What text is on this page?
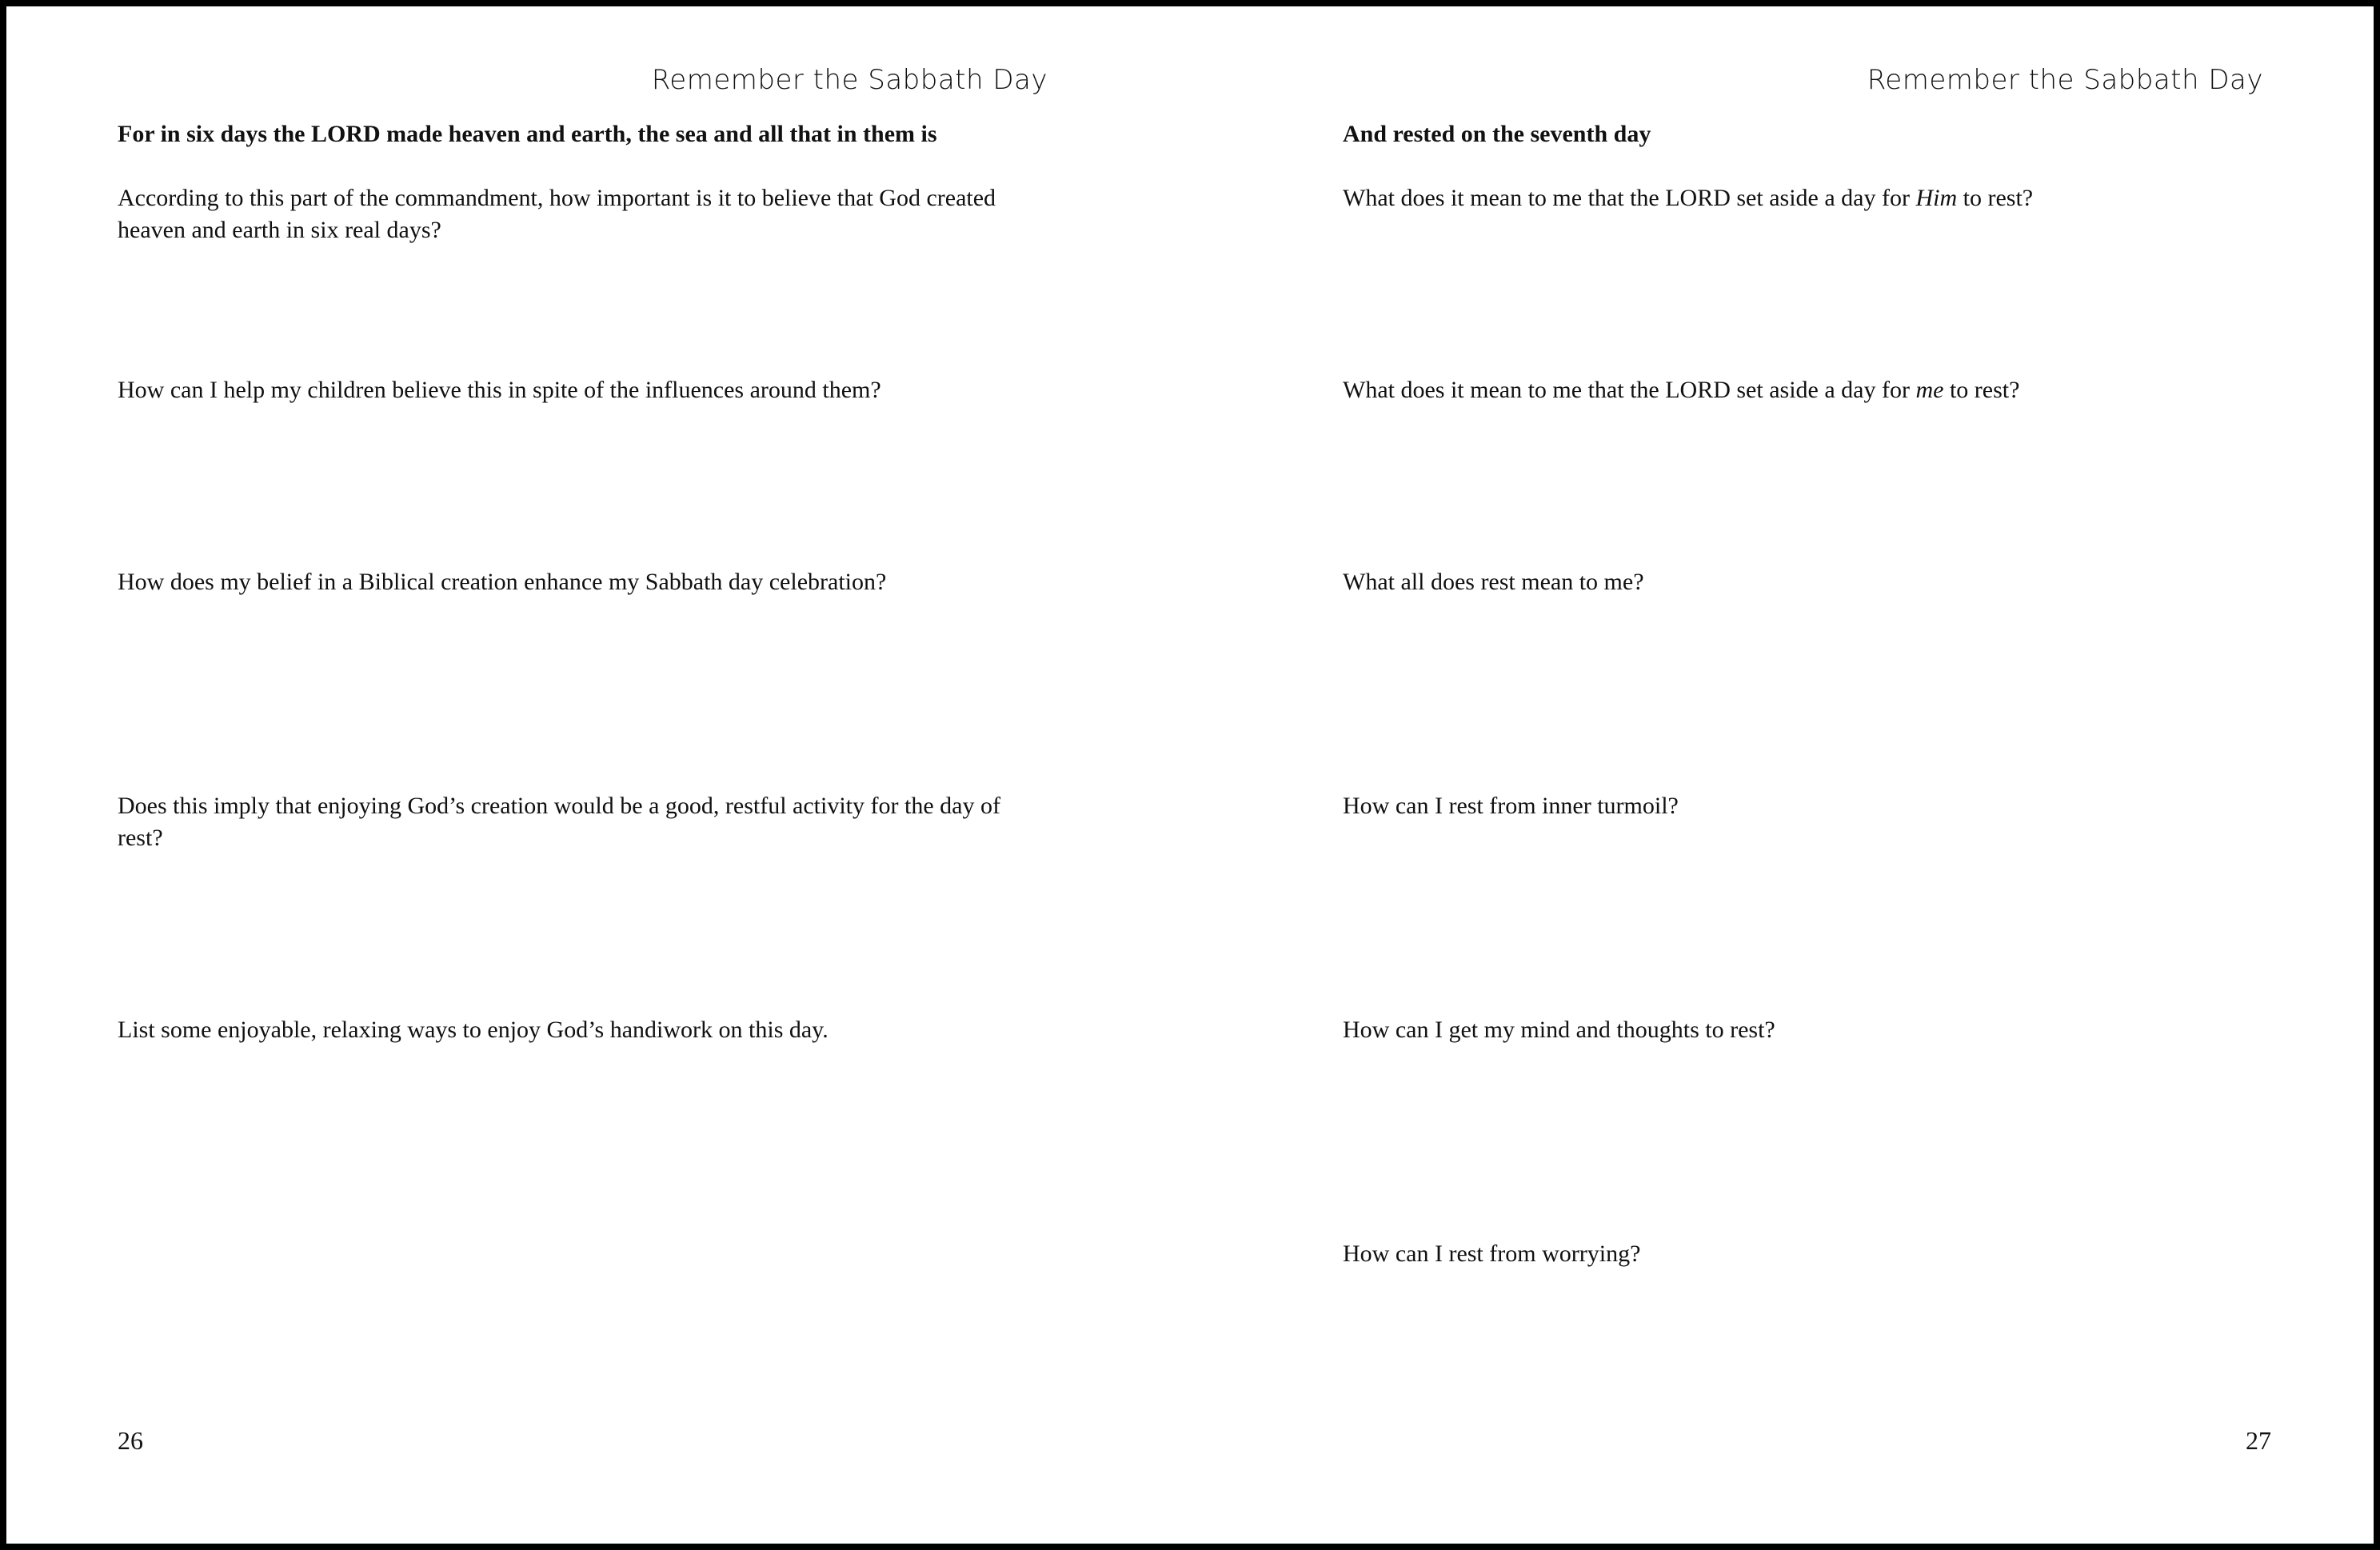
Remember the Sabbath Day
For in six days the LORD made heaven and earth, the sea and all that in them is
According to this part of the commandment, how important is it to believe that God created heaven and earth in six real days?
How can I help my children believe this in spite of the influences around them?
How does my belief in a Biblical creation enhance my Sabbath day celebration?
Does this imply that enjoying God’s creation would be a good, restful activity for the day of rest?
List some enjoyable, relaxing ways to enjoy God’s handiwork on this day.
26
Remember the Sabbath Day
And rested on the seventh day
What does it mean to me that the LORD set aside a day for Him to rest?
What does it mean to me that the LORD set aside a day for me to rest?
What all does rest mean to me?
How can I rest from inner turmoil?
How can I get my mind and thoughts to rest?
How can I rest from worrying?
27
